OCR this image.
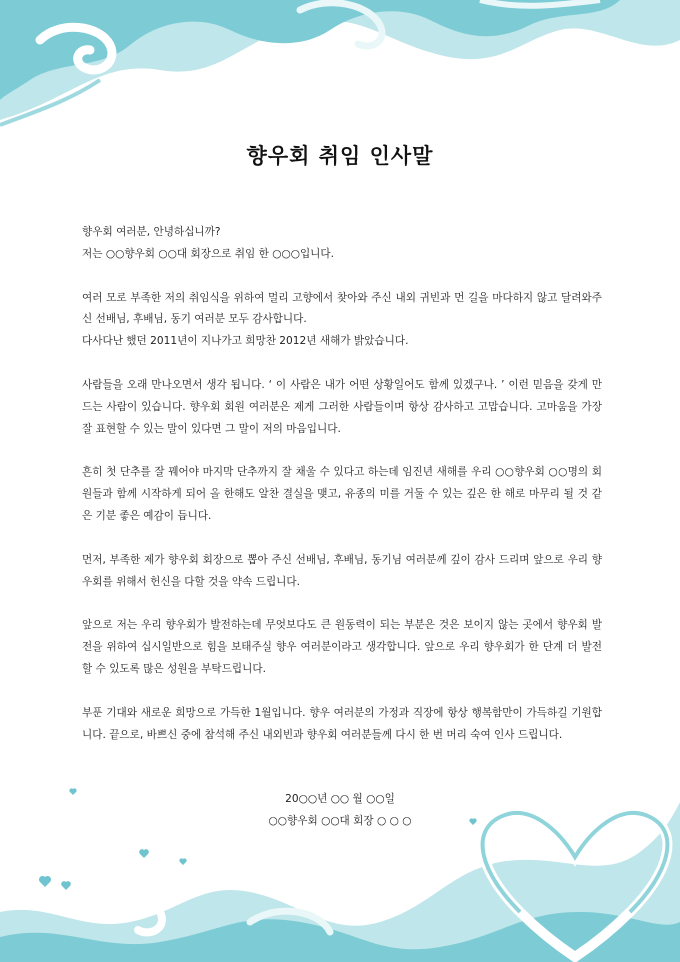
향우회 취임 인사말

향우회 여러분, 안녕하십니까?
저는 ○○향우회 ○○대 회장으로 취임 한 ○○○입니다.

여러 모로 부족한 저의 취임식을 위하여 멀리 고향에서 찾아와 주신 내외 귀빈과 먼 길을 마다하지 않고 달려와주신 선배님, 후배님, 동기 여러분 모두 감사합니다.
다사다난 했던 2011년이 지나가고 희망찬 2012년 새해가 밝았습니다.

사람들을 오래 만나오면서 생각 됩니다. ‘ 이 사람은 내가 어떤 상황일어도 함께 있겠구나. ’ 이런 믿음을 갖게 만드는 사람이 있습니다. 향우회 회원 여러분은 제게 그러한 사람들이며 항상 감사하고 고맙습니다. 고마움을 가장 잘 표현할 수 있는 말이 있다면 그 말이 저의 마음입니다.

흔히 첫 단추를 잘 꿰어야 마지막 단추까지 잘 채울 수 있다고 하는데 임진년 새해를 우리 ○○향우회 ○○명의 회원들과 함께 시작하게 되어 올 한해도 알찬 결실을 맺고, 유종의 미를 거둘 수 있는 깊은 한 해로 마무리 될 것 같은 기분 좋은 예감이 듭니다.

먼저, 부족한 제가 향우회 회장으로 뽑아 주신 선배님, 후배님, 동기님 여러분께 깊이 감사 드리며 앞으로 우리 향우회를 위해서 헌신을 다할 것을 약속 드립니다.

앞으로 저는 우리 향우회가 발전하는데 무엇보다도 큰 원동력이 되는 부분은 것은 보이지 않는 곳에서 향우회 발전을 위하여 십시일반으로 힘을 보태주실 향우 여러분이라고 생각합니다. 앞으로 우리 향우회가 한 단계 더 발전할 수 있도록 많은 성원을 부탁드립니다.

부푼 기대와 새로운 희망으로 가득한 1월입니다. 향우 여러분의 가정과 직장에 항상 행복함만이 가득하길 기원합니다. 끝으로, 바쁘신 중에 참석해 주신 내외빈과 향우회 여러분들께 다시 한 번 머리 숙여 인사 드립니다.

20○○년 ○○ 월 ○○일
○○향우회 ○○대 회장 ○ ○ ○
